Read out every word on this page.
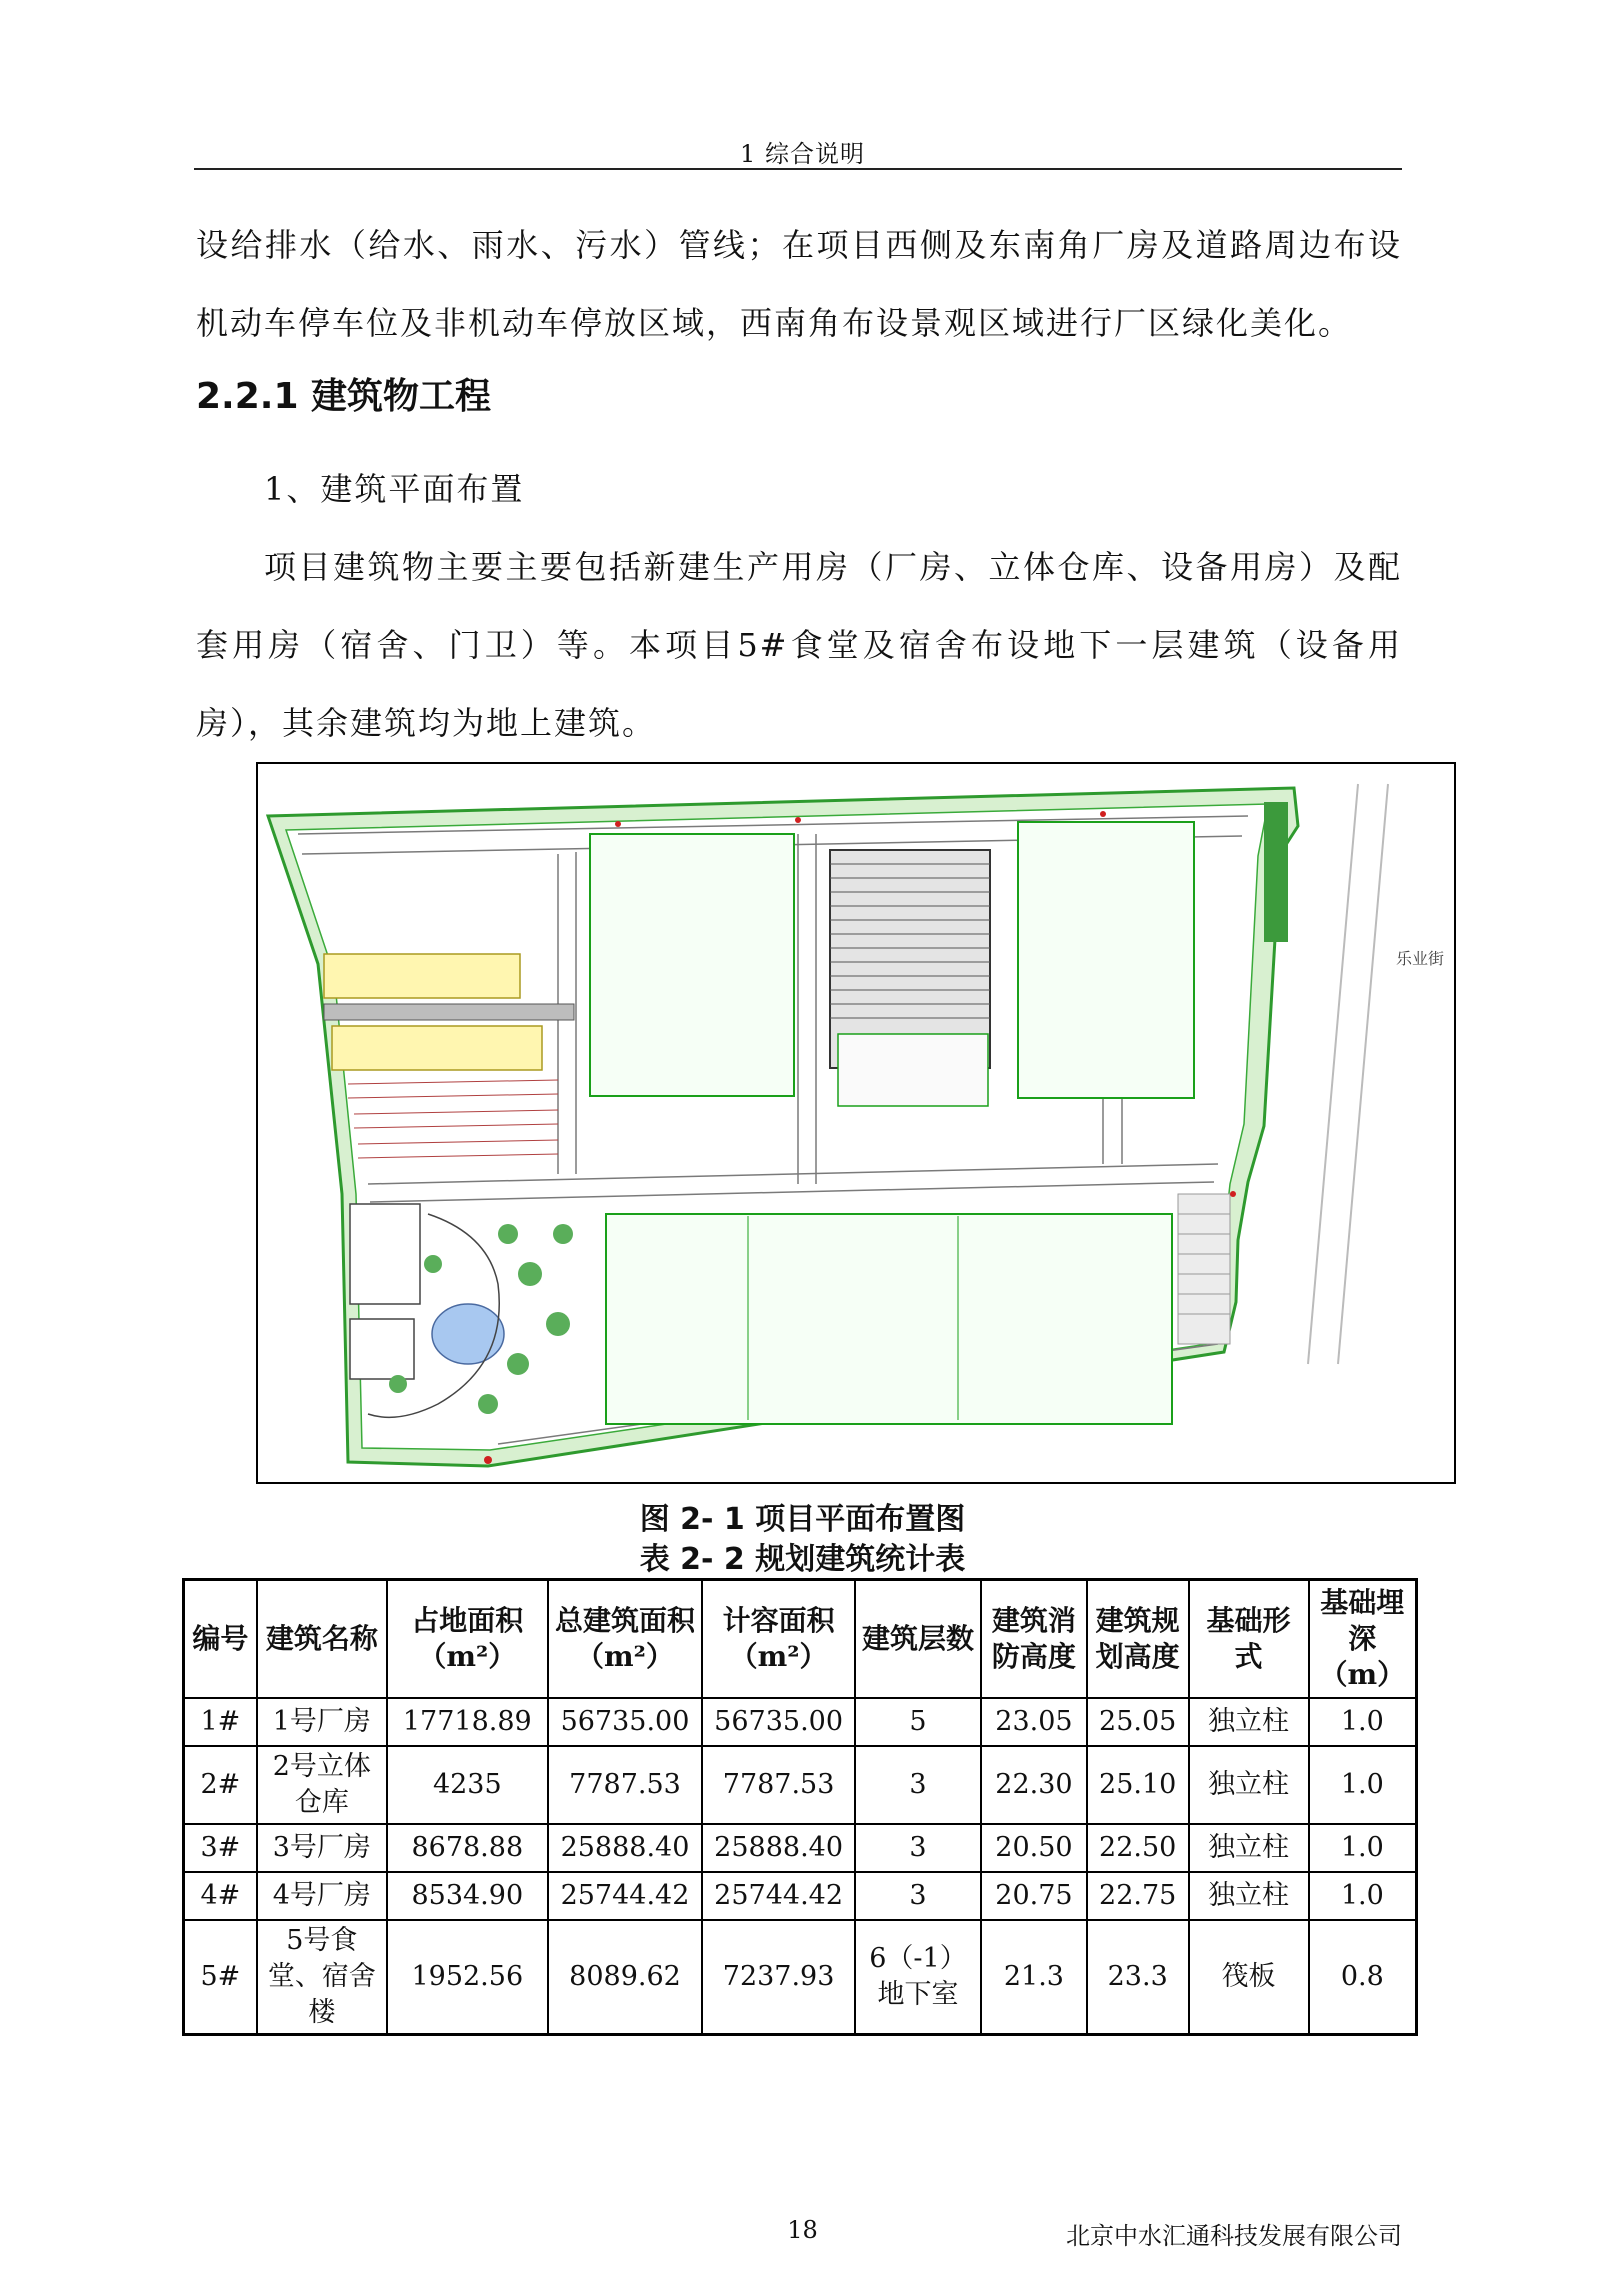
1 综合说明
设给排水（给水、雨水、污水）管线；在项目西侧及东南角厂房及道路周边布设机动车停车位及非机动车停放区域，西南角布设景观区域进行厂区绿化美化。
2.2.1 建筑物工程
1、建筑平面布置
项目建筑物主要主要包括新建生产用房（厂房、立体仓库、设备用房）及配套用房（宿舍、门卫）等。本项目5#食堂及宿舍布设地下一层建筑（设备用房），其余建筑均为地上建筑。
乐业街
图 2- 1 项目平面布置图
表 2- 2 规划建筑统计表
编号	建筑名称	占地面积（m²）	总建筑面积（m²）	计容面积（m²）	建筑层数	建筑消防高度	建筑规划高度	基础形式	基础埋深（m）
1#	1号厂房	17718.89	56735.00	56735.00	5	23.05	25.05	独立柱	1.0
2#	2号立体仓库	4235	7787.53	7787.53	3	22.30	25.10	独立柱	1.0
3#	3号厂房	8678.88	25888.40	25888.40	3	20.50	22.50	独立柱	1.0
4#	4号厂房	8534.90	25744.42	25744.42	3	20.75	22.75	独立柱	1.0
5#	5号食堂、宿舍楼	1952.56	8089.62	7237.93	6（-1）地下室	21.3	23.3	筏板	0.8
18	北京中水汇通科技发展有限公司
